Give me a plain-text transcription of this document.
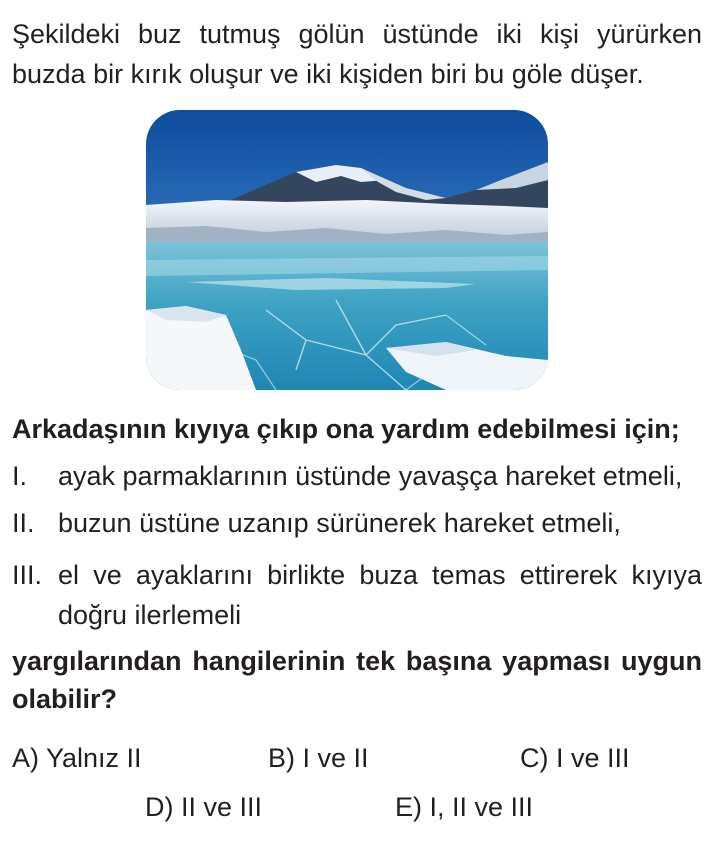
Şekildeki buz tutmuş gölün üstünde iki kişi yürürken buzda bir kırık oluşur ve iki kişiden biri bu göle düşer.

Arkadaşının kıyıya çıkıp ona yardım edebilmesi için;

I. ayak parmaklarının üstünde yavaşça hareket etmeli,
II. buzun üstüne uzanıp sürünerek hareket etmeli,
III. el ve ayaklarını birlikte buza temas ettirerek kıyıya doğru ilerlemeli

yargılarından hangilerinin tek başına yapması uygun olabilir?

A) Yalnız II	B) I ve II	C) I ve III
D) II ve III	E) I, II ve III
